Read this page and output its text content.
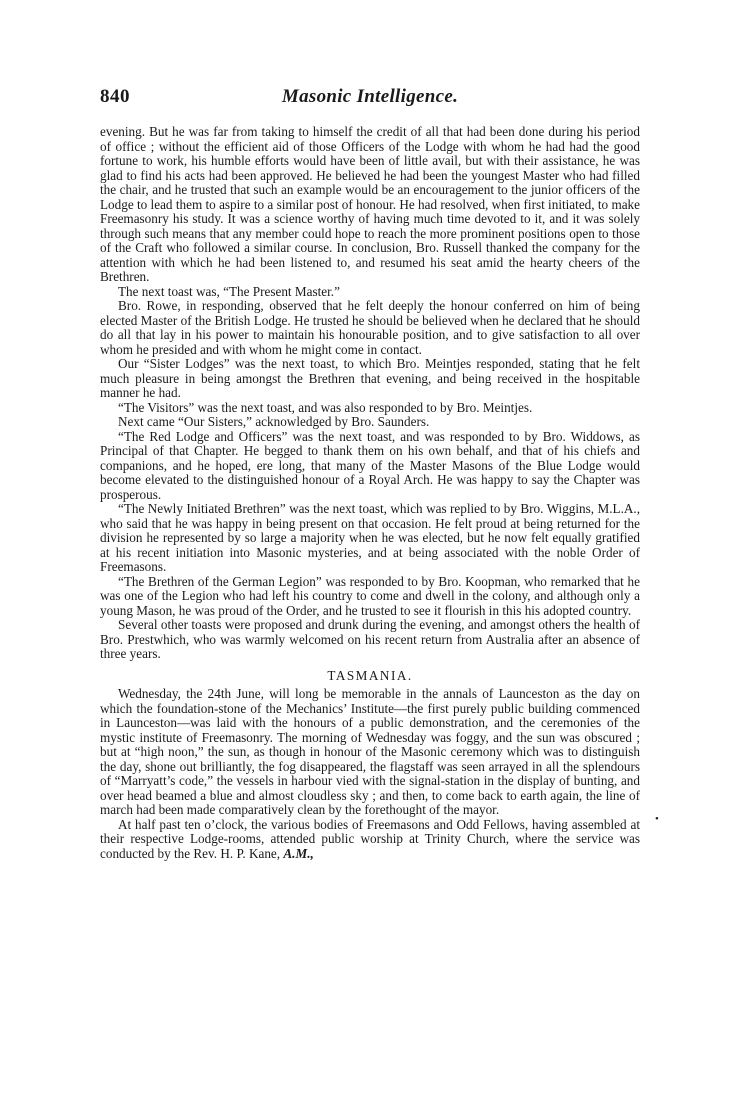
840	Masonic Intelligence.

evening. But he was far from taking to himself the credit of all that had been done during his period of office ; without the efficient aid of those Officers of the Lodge with whom he had had the good fortune to work, his humble efforts would have been of little avail, but with their assistance, he was glad to find his acts had been approved. He believed he had been the youngest Master who had filled the chair, and he trusted that such an example would be an encouragement to the junior officers of the Lodge to lead them to aspire to a similar post of honour. He had resolved, when first initiated, to make Freemasonry his study. It was a science worthy of having much time devoted to it, and it was solely through such means that any member could hope to reach the more prominent positions open to those of the Craft who followed a similar course. In conclusion, Bro. Russell thanked the company for the attention with which he had been listened to, and resumed his seat amid the hearty cheers of the Brethren.

The next toast was, “The Present Master.”

Bro. Rowe, in responding, observed that he felt deeply the honour conferred on him of being elected Master of the British Lodge. He trusted he should be believed when he declared that he should do all that lay in his power to maintain his honourable position, and to give satisfaction to all over whom he presided and with whom he might come in contact.

Our “Sister Lodges” was the next toast, to which Bro. Meintjes responded, stating that he felt much pleasure in being amongst the Brethren that evening, and being received in the hospitable manner he had.

“The Visitors” was the next toast, and was also responded to by Bro. Meintjes.

Next came “Our Sisters,” acknowledged by Bro. Saunders.

“The Red Lodge and Officers” was the next toast, and was responded to by Bro. Widdows, as Principal of that Chapter. He begged to thank them on his own behalf, and that of his chiefs and companions, and he hoped, ere long, that many of the Master Masons of the Blue Lodge would become elevated to the distinguished honour of a Royal Arch. He was happy to say the Chapter was prosperous.

“The Newly Initiated Brethren” was the next toast, which was replied to by Bro. Wiggins, M.L.A., who said that he was happy in being present on that occasion. He felt proud at being returned for the division he represented by so large a majority when he was elected, but he now felt equally gratified at his recent initiation into Masonic mysteries, and at being associated with the noble Order of Freemasons.

“The Brethren of the German Legion” was responded to by Bro. Koopman, who remarked that he was one of the Legion who had left his country to come and dwell in the colony, and although only a young Mason, he was proud of the Order, and he trusted to see it flourish in this his adopted country.

Several other toasts were proposed and drunk during the evening, and amongst others the health of Bro. Prestwhich, who was warmly welcomed on his recent return from Australia after an absence of three years.

TASMANIA.

Wednesday, the 24th June, will long be memorable in the annals of Launceston as the day on which the foundation-stone of the Mechanics’ Institute—the first purely public building commenced in Launceston—was laid with the honours of a public demonstration, and the ceremonies of the mystic institute of Freemasonry. The morning of Wednesday was foggy, and the sun was obscured ; but at “high noon,” the sun, as though in honour of the Masonic ceremony which was to distinguish the day, shone out brilliantly, the fog disappeared, the flagstaff was seen arrayed in all the splendours of “Marryatt’s code,” the vessels in harbour vied with the signal-station in the display of bunting, and over head beamed a blue and almost cloudless sky ; and then, to come back to earth again, the line of march had been made comparatively clean by the forethought of the mayor.

At half past ten o’clock, the various bodies of Freemasons and Odd Fellows, having assembled at their respective Lodge-rooms, attended public worship at Trinity Church, where the service was conducted by the Rev. H. P. Kane, A.M.,

•
